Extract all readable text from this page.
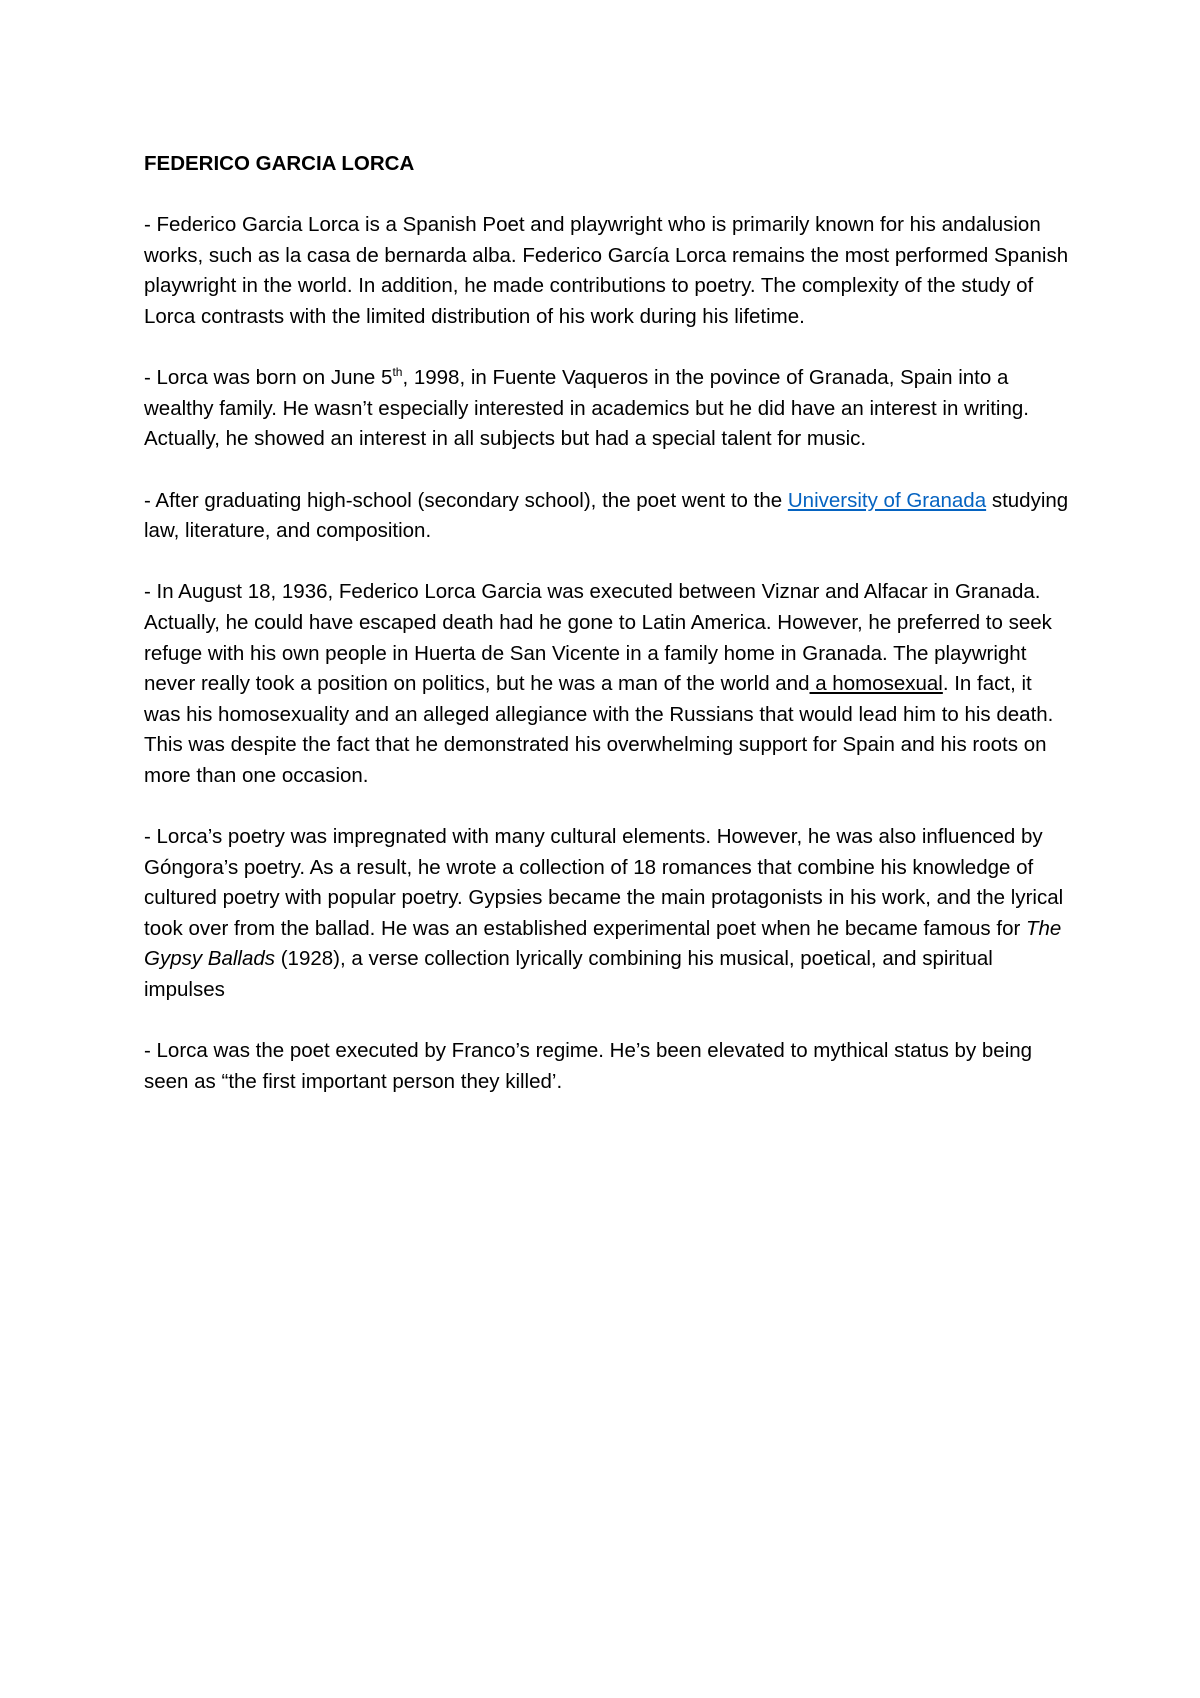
FEDERICO GARCIA LORCA

- Federico Garcia Lorca is a Spanish Poet and playwright who is primarily known for his andalusion works, such as la casa de bernarda alba. Federico García Lorca remains the most performed Spanish playwright in the world. In addition, he made contributions to poetry. The complexity of the study of Lorca contrasts with the limited distribution of his work during his lifetime.

- Lorca was born on June 5th, 1998, in Fuente Vaqueros in the povince of Granada, Spain into a wealthy family. He wasn’t especially interested in academics but he did have an interest in writing. Actually, he showed an interest in all subjects but had a special talent for music.

- After graduating high-school (secondary school), the poet went to the University of Granada studying law, literature, and composition.

- In August 18, 1936, Federico Lorca Garcia was executed between Viznar and Alfacar in Granada. Actually, he could have escaped death had he gone to Latin America. However, he preferred to seek refuge with his own people in Huerta de San Vicente in a family home in Granada. The playwright never really took a position on politics, but he was a man of the world and a homosexual. In fact, it was his homosexuality and an alleged allegiance with the Russians that would lead him to his death. This was despite the fact that he demonstrated his overwhelming support for Spain and his roots on more than one occasion.

- Lorca’s poetry was impregnated with many cultural elements. However, he was also influenced by Góngora’s poetry. As a result, he wrote a collection of 18 romances that combine his knowledge of cultured poetry with popular poetry. Gypsies became the main protagonists in his work, and the lyrical took over from the ballad. He was an established experimental poet when he became famous for The Gypsy Ballads (1928), a verse collection lyrically combining his musical, poetical, and spiritual impulses

- Lorca was the poet executed by Franco’s regime. He’s been elevated to mythical status by being seen as “the first important person they killed’.
